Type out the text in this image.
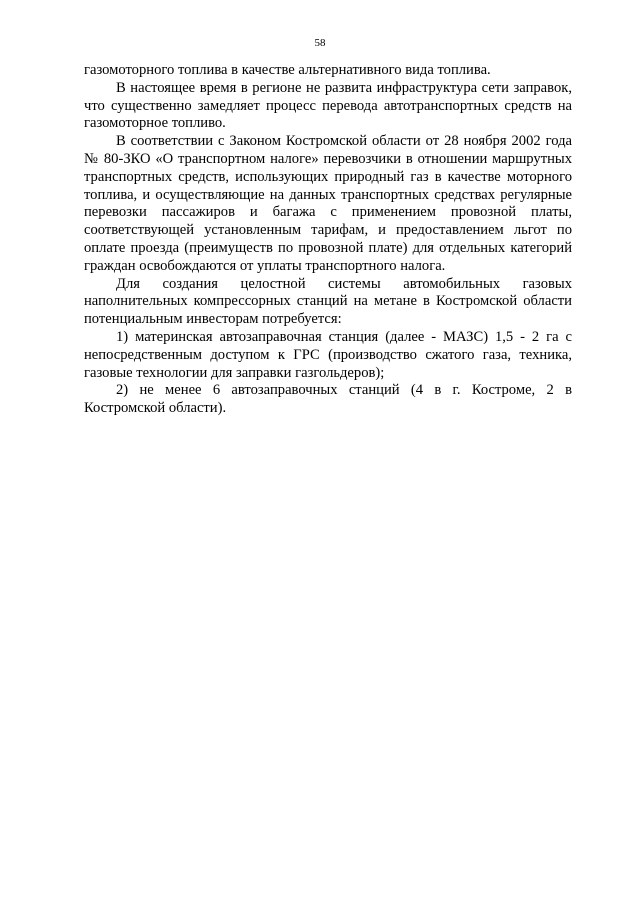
58

газомоторного топлива в качестве альтернативного вида топлива.

В настоящее время в регионе не развита инфраструктура сети заправок, что существенно замедляет процесс перевода автотранспортных средств на газомоторное топливо.

В соответствии с Законом Костромской области от 28 ноября 2002 года № 80-ЗКО «О транспортном налоге» перевозчики в отношении маршрутных транспортных средств, использующих природный газ в качестве моторного топлива, и осуществляющие на данных транспортных средствах регулярные перевозки пассажиров и багажа с применением провозной платы, соответствующей установленным тарифам, и предоставлением льгот по оплате проезда (преимуществ по провозной плате) для отдельных категорий граждан освобождаются от уплаты транспортного налога.

Для создания целостной системы автомобильных газовых наполнительных компрессорных станций на метане в Костромской области потенциальным инвесторам потребуется:

1) материнская автозаправочная станция (далее - МАЗС) 1,5 - 2 га с непосредственным доступом к ГРС (производство сжатого газа, техника, газовые технологии для заправки газгольдеров);

2) не менее 6 автозаправочных станций (4 в г. Костроме, 2 в Костромской области).
